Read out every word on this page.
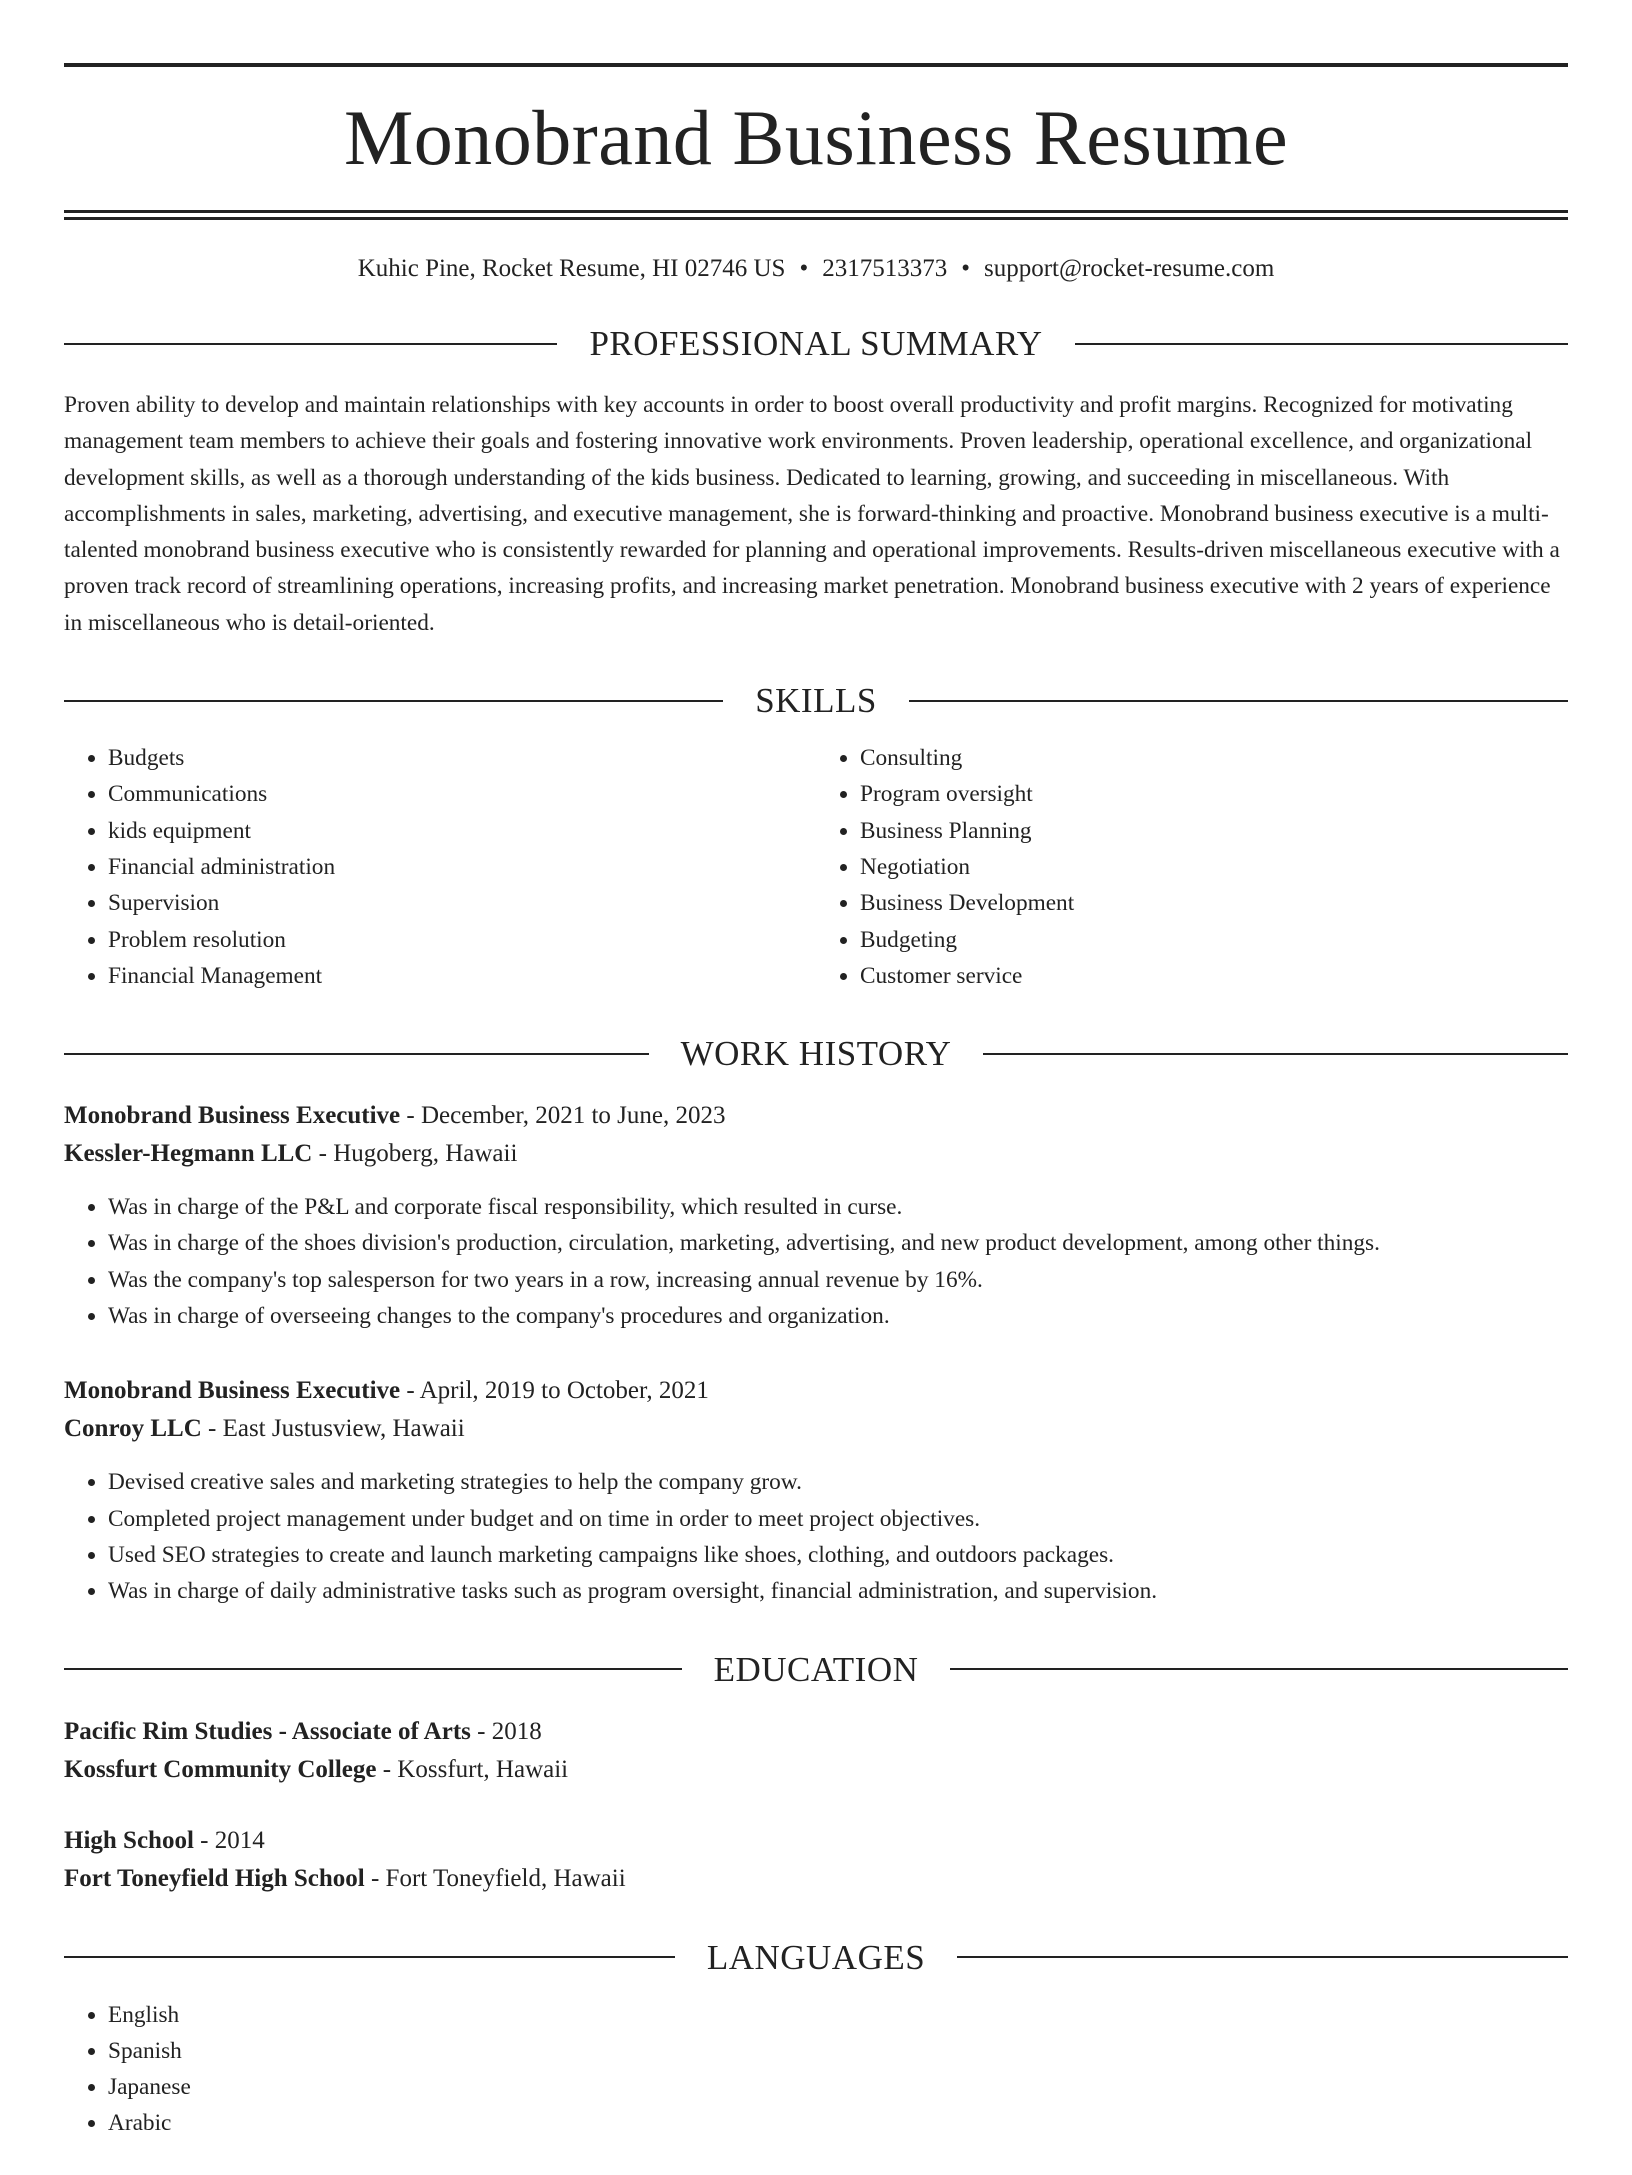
Monobrand Business Resume
Kuhic Pine, Rocket Resume, HI 02746 US • 2317513373 • support@rocket-resume.com
PROFESSIONAL SUMMARY
Proven ability to develop and maintain relationships with key accounts in order to boost overall productivity and profit margins. Recognized for motivating management team members to achieve their goals and fostering innovative work environments. Proven leadership, operational excellence, and organizational development skills, as well as a thorough understanding of the kids business. Dedicated to learning, growing, and succeeding in miscellaneous. With accomplishments in sales, marketing, advertising, and executive management, she is forward-thinking and proactive. Monobrand business executive is a multi-talented monobrand business executive who is consistently rewarded for planning and operational improvements. Results-driven miscellaneous executive with a proven track record of streamlining operations, increasing profits, and increasing market penetration. Monobrand business executive with 2 years of experience in miscellaneous who is detail-oriented.
SKILLS
• Budgets
• Communications
• kids equipment
• Financial administration
• Supervision
• Problem resolution
• Financial Management
• Consulting
• Program oversight
• Business Planning
• Negotiation
• Business Development
• Budgeting
• Customer service
WORK HISTORY
Monobrand Business Executive - December, 2021 to June, 2023
Kessler-Hegmann LLC - Hugoberg, Hawaii
• Was in charge of the P&L and corporate fiscal responsibility, which resulted in curse.
• Was in charge of the shoes division's production, circulation, marketing, advertising, and new product development, among other things.
• Was the company's top salesperson for two years in a row, increasing annual revenue by 16%.
• Was in charge of overseeing changes to the company's procedures and organization.
Monobrand Business Executive - April, 2019 to October, 2021
Conroy LLC - East Justusview, Hawaii
• Devised creative sales and marketing strategies to help the company grow.
• Completed project management under budget and on time in order to meet project objectives.
• Used SEO strategies to create and launch marketing campaigns like shoes, clothing, and outdoors packages.
• Was in charge of daily administrative tasks such as program oversight, financial administration, and supervision.
EDUCATION
Pacific Rim Studies - Associate of Arts - 2018
Kossfurt Community College - Kossfurt, Hawaii
High School - 2014
Fort Toneyfield High School - Fort Toneyfield, Hawaii
LANGUAGES
• English
• Spanish
• Japanese
• Arabic
